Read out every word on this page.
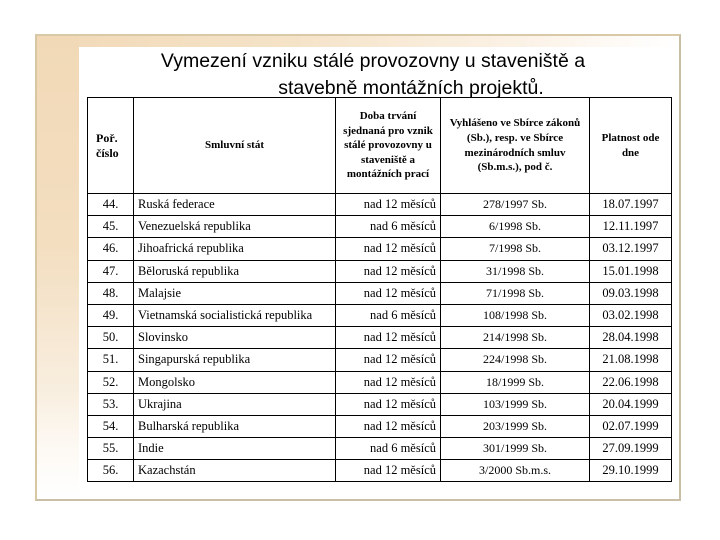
Vymezení vzniku stálé provozovny u staveniště a
stavebně montážních projektů.
Poř. číslo	Smluvní stát	Doba trvání sjednaná pro vznik stálé provozovny u staveniště a montážních prací	Vyhlášeno ve Sbírce zákonů (Sb.), resp. ve Sbírce mezinárodních smluv (Sb.m.s.), pod č.	Platnost ode dne
44.	Ruská federace	nad 12 měsíců	278/1997 Sb.	18.07.1997
45.	Venezuelská republika	nad 6 měsíců	6/1998 Sb.	12.11.1997
46.	Jihoafrická republika	nad 12 měsíců	7/1998 Sb.	03.12.1997
47.	Běloruská republika	nad 12 měsíců	31/1998 Sb.	15.01.1998
48.	Malajsie	nad 12 měsíců	71/1998 Sb.	09.03.1998
49.	Vietnamská socialistická republika	nad 6 měsíců	108/1998 Sb.	03.02.1998
50.	Slovinsko	nad 12 měsíců	214/1998 Sb.	28.04.1998
51.	Singapurská republika	nad 12 měsíců	224/1998 Sb.	21.08.1998
52.	Mongolsko	nad 12 měsíců	18/1999 Sb.	22.06.1998
53.	Ukrajina	nad 12 měsíců	103/1999 Sb.	20.04.1999
54.	Bulharská republika	nad 12 měsíců	203/1999 Sb.	02.07.1999
55.	Indie	nad 6 měsíců	301/1999 Sb.	27.09.1999
56.	Kazachstán	nad 12 měsíců	3/2000 Sb.m.s.	29.10.1999
